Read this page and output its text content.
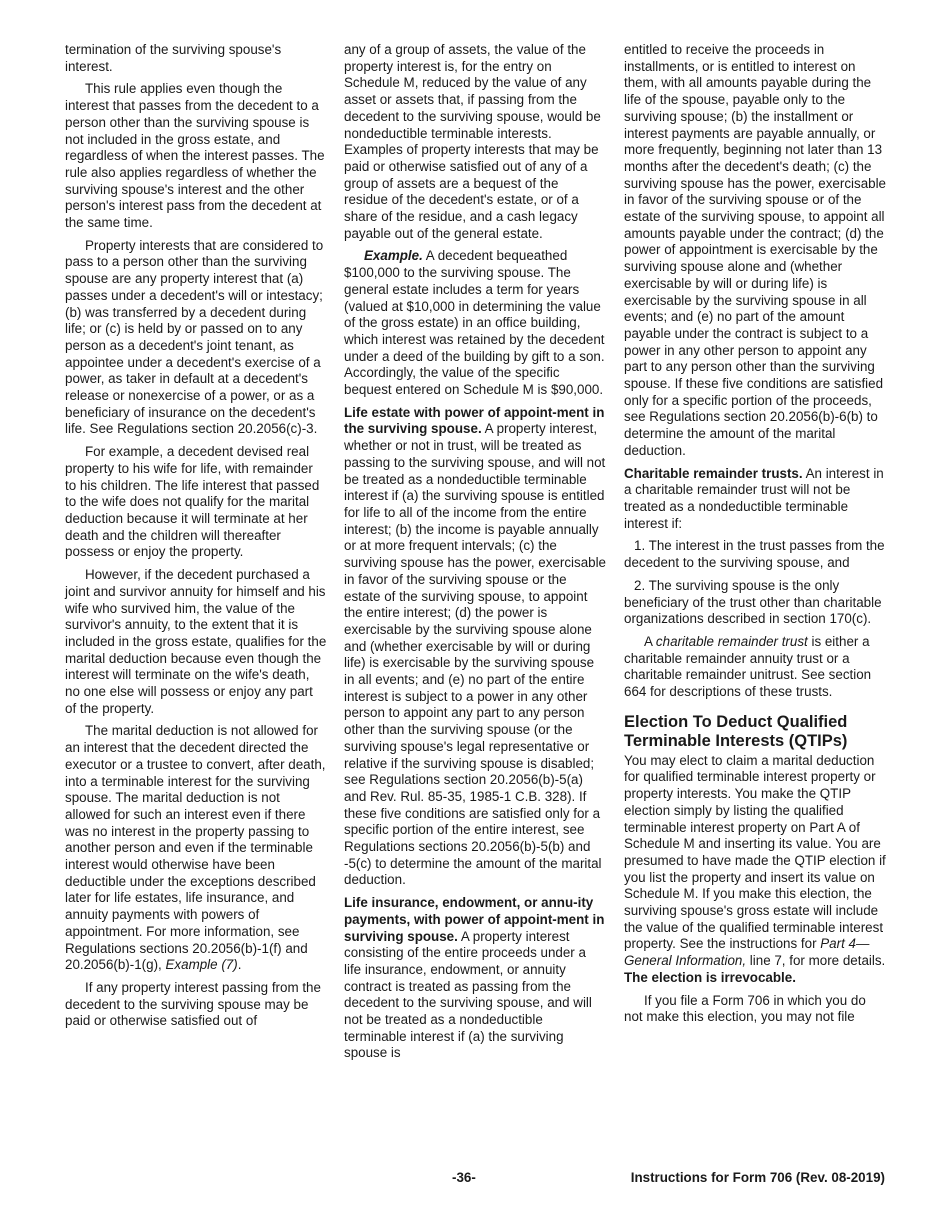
termination of the surviving spouse's interest.

This rule applies even though the interest that passes from the decedent to a person other than the surviving spouse is not included in the gross estate, and regardless of when the interest passes. The rule also applies regardless of whether the surviving spouse's interest and the other person's interest pass from the decedent at the same time.

Property interests that are considered to pass to a person other than the surviving spouse are any property interest that (a) passes under a decedent's will or intestacy; (b) was transferred by a decedent during life; or (c) is held by or passed on to any person as a decedent's joint tenant, as appointee under a decedent's exercise of a power, as taker in default at a decedent's release or nonexercise of a power, or as a beneficiary of insurance on the decedent's life. See Regulations section 20.2056(c)-3.

For example, a decedent devised real property to his wife for life, with remainder to his children. The life interest that passed to the wife does not qualify for the marital deduction because it will terminate at her death and the children will thereafter possess or enjoy the property.

However, if the decedent purchased a joint and survivor annuity for himself and his wife who survived him, the value of the survivor's annuity, to the extent that it is included in the gross estate, qualifies for the marital deduction because even though the interest will terminate on the wife's death, no one else will possess or enjoy any part of the property.

The marital deduction is not allowed for an interest that the decedent directed the executor or a trustee to convert, after death, into a terminable interest for the surviving spouse. The marital deduction is not allowed for such an interest even if there was no interest in the property passing to another person and even if the terminable interest would otherwise have been deductible under the exceptions described later for life estates, life insurance, and annuity payments with powers of appointment. For more information, see Regulations sections 20.2056(b)-1(f) and 20.2056(b)-1(g), Example (7).

If any property interest passing from the decedent to the surviving spouse may be paid or otherwise satisfied out of

any of a group of assets, the value of the property interest is, for the entry on Schedule M, reduced by the value of any asset or assets that, if passing from the decedent to the surviving spouse, would be nondeductible terminable interests. Examples of property interests that may be paid or otherwise satisfied out of any of a group of assets are a bequest of the residue of the decedent's estate, or of a share of the residue, and a cash legacy payable out of the general estate.

Example. A decedent bequeathed $100,000 to the surviving spouse. The general estate includes a term for years (valued at $10,000 in determining the value of the gross estate) in an office building, which interest was retained by the decedent under a deed of the building by gift to a son. Accordingly, the value of the specific bequest entered on Schedule M is $90,000.

Life estate with power of appoint-ment in the surviving spouse. A property interest, whether or not in trust, will be treated as passing to the surviving spouse, and will not be treated as a nondeductible terminable interest if (a) the surviving spouse is entitled for life to all of the income from the entire interest; (b) the income is payable annually or at more frequent intervals; (c) the surviving spouse has the power, exercisable in favor of the surviving spouse or the estate of the surviving spouse, to appoint the entire interest; (d) the power is exercisable by the surviving spouse alone and (whether exercisable by will or during life) is exercisable by the surviving spouse in all events; and (e) no part of the entire interest is subject to a power in any other person to appoint any part to any person other than the surviving spouse (or the surviving spouse's legal representative or relative if the surviving spouse is disabled; see Regulations section 20.2056(b)-5(a) and Rev. Rul. 85-35, 1985-1 C.B. 328). If these five conditions are satisfied only for a specific portion of the entire interest, see Regulations sections 20.2056(b)-5(b) and -5(c) to determine the amount of the marital deduction.

Life insurance, endowment, or annu-ity payments, with power of appoint-ment in surviving spouse. A property interest consisting of the entire proceeds under a life insurance, endowment, or annuity contract is treated as passing from the decedent to the surviving spouse, and will not be treated as a nondeductible terminable interest if (a) the surviving spouse is

entitled to receive the proceeds in installments, or is entitled to interest on them, with all amounts payable during the life of the spouse, payable only to the surviving spouse; (b) the installment or interest payments are payable annually, or more frequently, beginning not later than 13 months after the decedent's death; (c) the surviving spouse has the power, exercisable in favor of the surviving spouse or of the estate of the surviving spouse, to appoint all amounts payable under the contract; (d) the power of appointment is exercisable by the surviving spouse alone and (whether exercisable by will or during life) is exercisable by the surviving spouse in all events; and (e) no part of the amount payable under the contract is subject to a power in any other person to appoint any part to any person other than the surviving spouse. If these five conditions are satisfied only for a specific portion of the proceeds, see Regulations section 20.2056(b)-6(b) to determine the amount of the marital deduction.

Charitable remainder trusts. An interest in a charitable remainder trust will not be treated as a nondeductible terminable interest if:

1. The interest in the trust passes from the decedent to the surviving spouse, and

2. The surviving spouse is the only beneficiary of the trust other than charitable organizations described in section 170(c).

A charitable remainder trust is either a charitable remainder annuity trust or a charitable remainder unitrust. See section 664 for descriptions of these trusts.

Election To Deduct Qualified Terminable Interests (QTIPs)

You may elect to claim a marital deduction for qualified terminable interest property or property interests. You make the QTIP election simply by listing the qualified terminable interest property on Part A of Schedule M and inserting its value. You are presumed to have made the QTIP election if you list the property and insert its value on Schedule M. If you make this election, the surviving spouse's gross estate will include the value of the qualified terminable interest property. See the instructions for Part 4—General Information, line 7, for more details. The election is irrevocable.

If you file a Form 706 in which you do not make this election, you may not file

-36-	Instructions for Form 706 (Rev. 08-2019)
